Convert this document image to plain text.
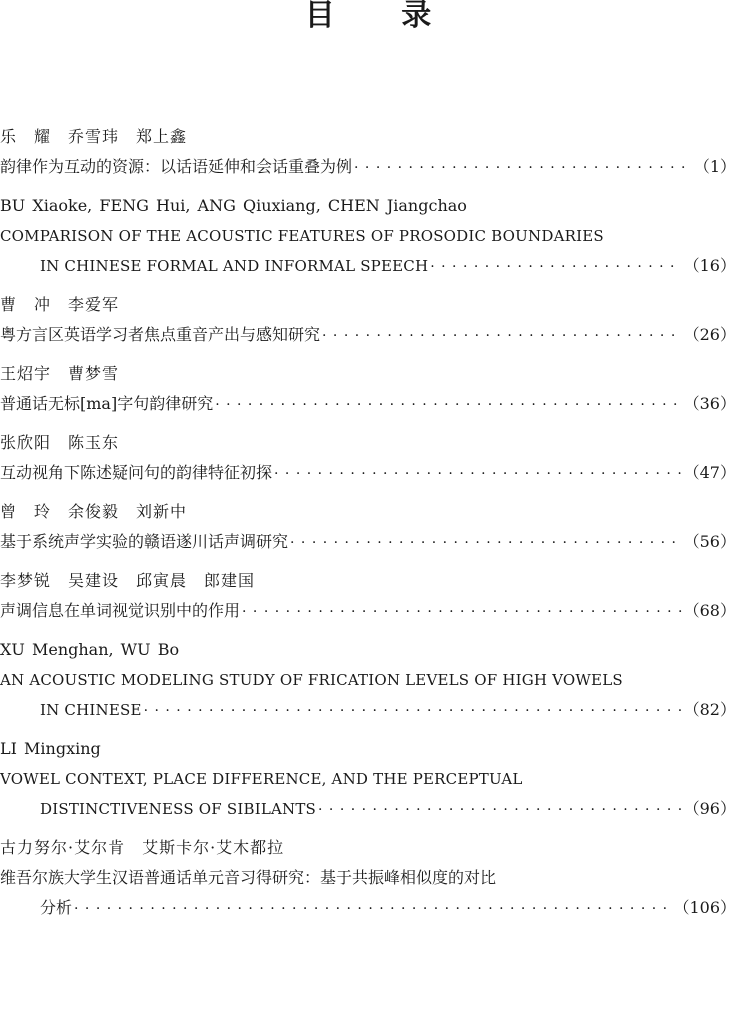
目 录
乐　耀　乔雪玮　郑上鑫
韵律作为互动的资源：以话语延伸和会话重叠为例 · · ·	（1）
BU Xiaoke, FENG Hui, ANG Qiuxiang, CHEN Jiangchao
COMPARISON OF THE ACOUSTIC FEATURES OF PROSODIC BOUNDARIES
IN CHINESE FORMAL AND INFORMAL SPEECH · · ·	（16）
曹　冲　李爱军
粤方言区英语学习者焦点重音产出与感知研究 · · ·	（26）
王炤宇　曹梦雪
普通话无标[ma]字句韵律研究 · · ·	（36）
张欣阳　陈玉东
互动视角下陈述疑问句的韵律特征初探 · · ·	（47）
曾　玲　余俊毅　刘新中
基于系统声学实验的赣语遂川话声调研究 · · ·	（56）
李梦锐　吴建设　邱寅晨　郎建国
声调信息在单词视觉识别中的作用 · · ·	（68）
XU Menghan, WU Bo
AN ACOUSTIC MODELING STUDY OF FRICATION LEVELS OF HIGH VOWELS
IN CHINESE · · ·	（82）
LI Mingxing
VOWEL CONTEXT, PLACE DIFFERENCE, AND THE PERCEPTUAL
DISTINCTIVENESS OF SIBILANTS · · ·	（96）
古力努尔·艾尔肯　艾斯卡尔·艾木都拉
维吾尔族大学生汉语普通话单元音习得研究：基于共振峰相似度的对比
分析 · · ·	（106）
